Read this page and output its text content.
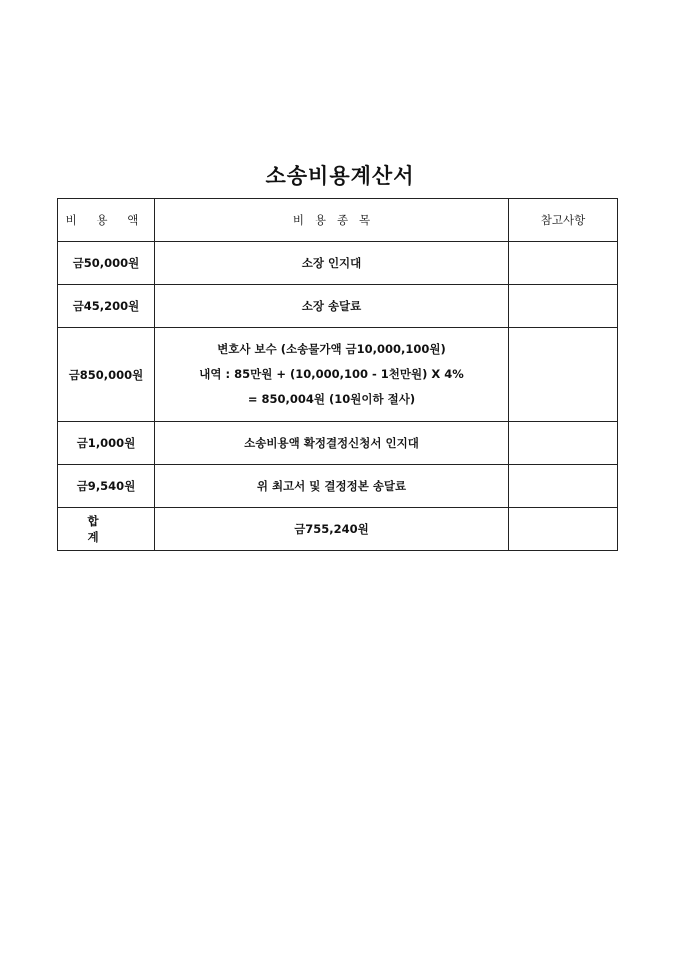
소송비용계산서
비 용 액	비   용   종   목	참고사항
금50,000원	소장 인지대	
금45,200원	소장 송달료	
금850,000원	변호사 보수 (소송물가액 금10,000,100원)
내역 : 85만원 + (10,000,100 - 1천만원) X 4%
= 850,004원 (10원이하 절사)	

금1,000원	소송비용액 확정결정신청서 인지대	
금9,540원	위 최고서 및 결정정본 송달료	
합 계	금755,240원	
